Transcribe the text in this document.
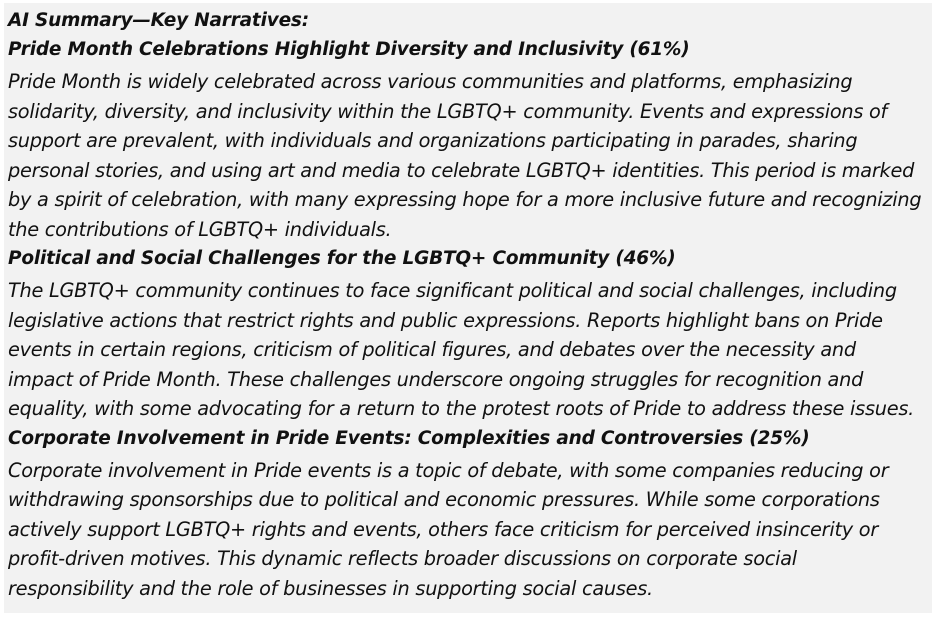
AI Summary—Key Narratives:
Pride Month Celebrations Highlight Diversity and Inclusivity (61%)
Pride Month is widely celebrated across various communities and platforms, emphasizing solidarity, diversity, and inclusivity within the LGBTQ+ community. Events and expressions of support are prevalent, with individuals and organizations participating in parades, sharing personal stories, and using art and media to celebrate LGBTQ+ identities. This period is marked by a spirit of celebration, with many expressing hope for a more inclusive future and recognizing the contributions of LGBTQ+ individuals.
Political and Social Challenges for the LGBTQ+ Community (46%)
The LGBTQ+ community continues to face significant political and social challenges, including legislative actions that restrict rights and public expressions. Reports highlight bans on Pride events in certain regions, criticism of political figures, and debates over the necessity and impact of Pride Month. These challenges underscore ongoing struggles for recognition and equality, with some advocating for a return to the protest roots of Pride to address these issues.
Corporate Involvement in Pride Events: Complexities and Controversies (25%)
Corporate involvement in Pride events is a topic of debate, with some companies reducing or withdrawing sponsorships due to political and economic pressures. While some corporations actively support LGBTQ+ rights and events, others face criticism for perceived insincerity or profit-driven motives. This dynamic reflects broader discussions on corporate social responsibility and the role of businesses in supporting social causes.
